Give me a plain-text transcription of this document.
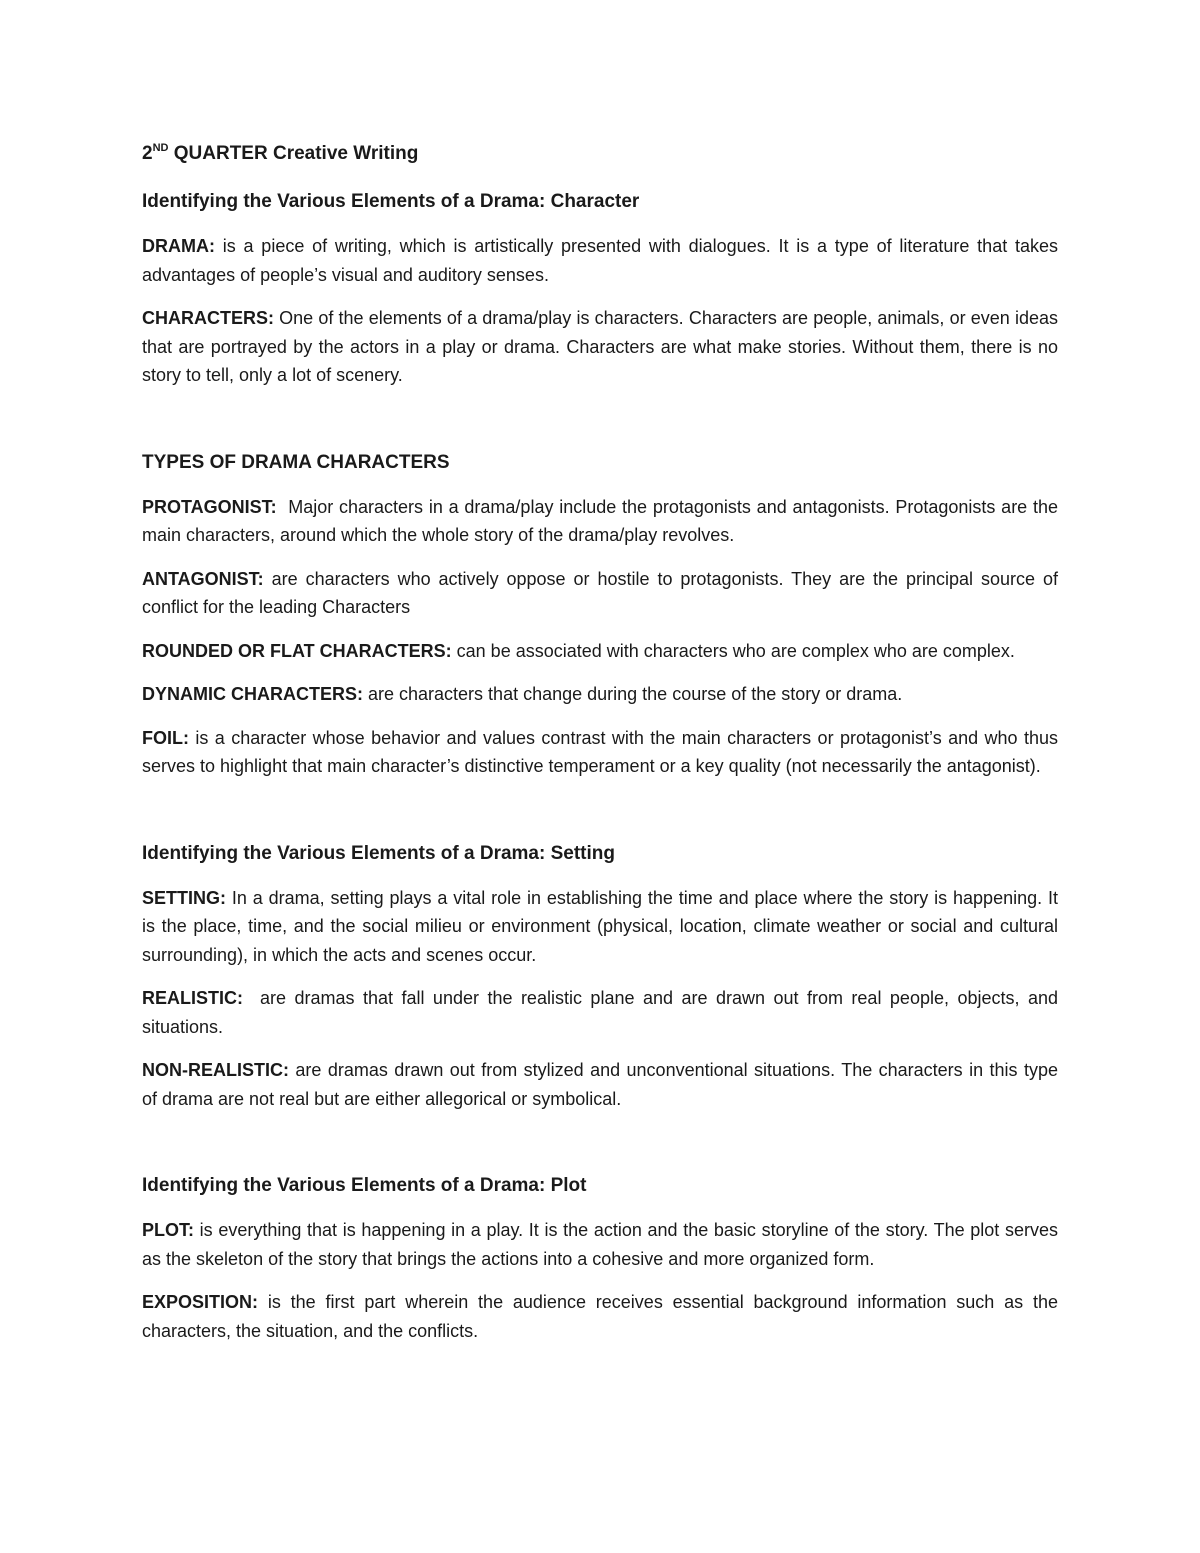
2ND QUARTER Creative Writing
Identifying the Various Elements of a Drama: Character

DRAMA: is a piece of writing, which is artistically presented with dialogues. It is a type of literature that takes advantages of people’s visual and auditory senses.

CHARACTERS: One of the elements of a drama/play is characters. Characters are people, animals, or even ideas that are portrayed by the actors in a play or drama. Characters are what make stories. Without them, there is no story to tell, only a lot of scenery.

TYPES OF DRAMA CHARACTERS

PROTAGONIST:  Major characters in a drama/play include the protagonists and antagonists. Protagonists are the main characters, around which the whole story of the drama/play revolves.

ANTAGONIST: are characters who actively oppose or hostile to protagonists. They are the principal source of conflict for the leading Characters

ROUNDED OR FLAT CHARACTERS: can be associated with characters who are complex who are complex.

DYNAMIC CHARACTERS: are characters that change during the course of the story or drama.

FOIL: is a character whose behavior and values contrast with the main characters or protagonist’s and who thus serves to highlight that main character’s distinctive temperament or a key quality (not necessarily the antagonist).

Identifying the Various Elements of a Drama: Setting

SETTING: In a drama, setting plays a vital role in establishing the time and place where the story is happening. It is the place, time, and the social milieu or environment (physical, location, climate weather or social and cultural surrounding), in which the acts and scenes occur.

REALISTIC:  are dramas that fall under the realistic plane and are drawn out from real people, objects, and situations.

NON-REALISTIC: are dramas drawn out from stylized and unconventional situations. The characters in this type of drama are not real but are either allegorical or symbolical.

Identifying the Various Elements of a Drama: Plot

PLOT: is everything that is happening in a play. It is the action and the basic storyline of the story. The plot serves as the skeleton of the story that brings the actions into a cohesive and more organized form.

EXPOSITION: is the first part wherein the audience receives essential background information such as the characters, the situation, and the conflicts.
